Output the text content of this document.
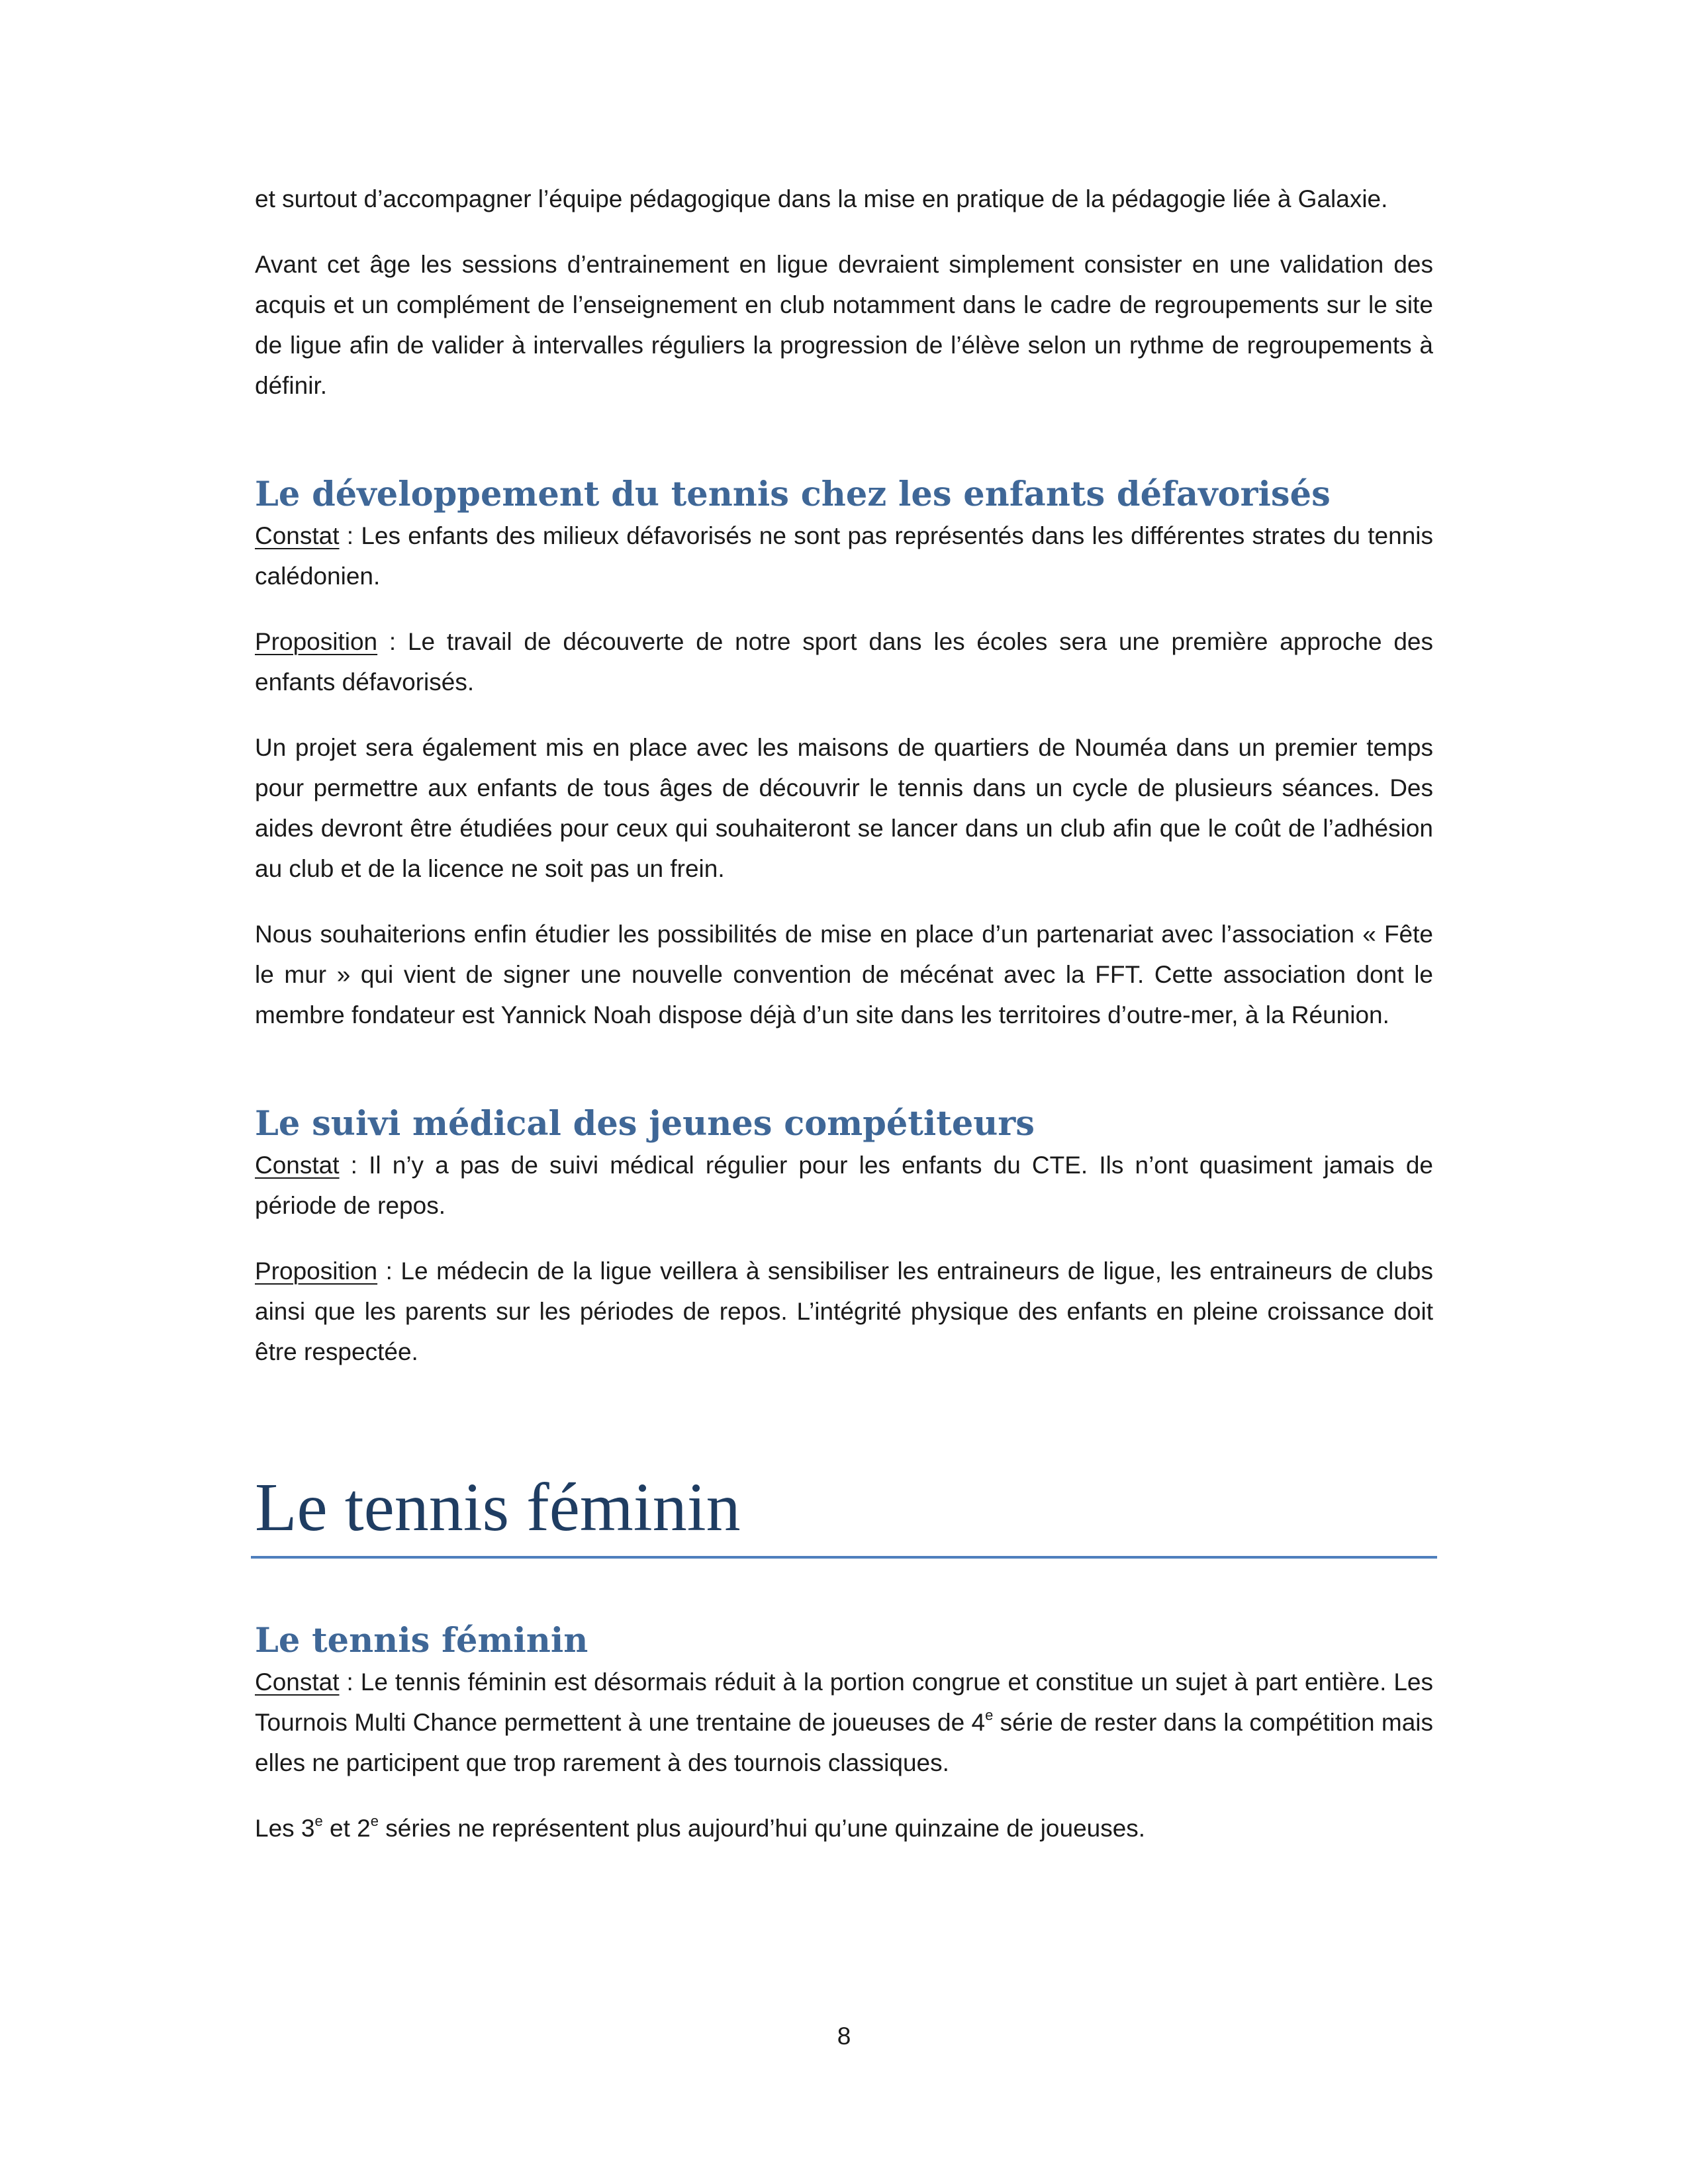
et surtout d’accompagner l’équipe pédagogique dans la mise en pratique de la pédagogie liée à Galaxie.

Avant cet âge les sessions d’entrainement en ligue devraient simplement consister en une validation des acquis et un complément de l’enseignement en club notamment dans le cadre de regroupements sur le site de ligue afin de valider à intervalles réguliers la progression de l’élève selon un rythme de regroupements à définir.

Le développement du tennis chez les enfants défavorisés

Constat : Les enfants des milieux défavorisés ne sont pas représentés dans les différentes strates du tennis calédonien.

Proposition : Le travail de découverte de notre sport dans les écoles sera une première approche des enfants défavorisés.

Un projet sera également mis en place avec les maisons de quartiers de Nouméa dans un premier temps pour permettre aux enfants de tous âges de découvrir le tennis dans un cycle de plusieurs séances. Des aides devront être étudiées pour ceux qui souhaiteront se lancer dans un club afin que le coût de l’adhésion au club et de la licence ne soit pas un frein.

Nous souhaiterions enfin étudier les possibilités de mise en place d’un partenariat avec l’association « Fête le mur » qui vient de signer une nouvelle convention de mécénat avec la FFT. Cette association dont le membre fondateur est Yannick Noah dispose déjà d’un site dans les territoires d’outre-mer, à la Réunion.

Le suivi médical des jeunes compétiteurs

Constat : Il n’y a pas de suivi médical régulier pour les enfants du CTE. Ils n’ont quasiment jamais de période de repos.

Proposition : Le médecin de la ligue veillera à sensibiliser les entraineurs de ligue, les entraineurs de clubs ainsi que les parents sur les périodes de repos. L’intégrité physique des enfants en pleine croissance doit être respectée.

Le tennis féminin
Le tennis féminin

Constat : Le tennis féminin est désormais réduit à la portion congrue et constitue un sujet à part entière. Les Tournois Multi Chance permettent à une trentaine de joueuses de 4e série de rester dans la compétition mais elles ne participent que trop rarement à des tournois classiques.

Les 3e et 2e séries ne représentent plus aujourd’hui qu’une quinzaine de joueuses.

8
